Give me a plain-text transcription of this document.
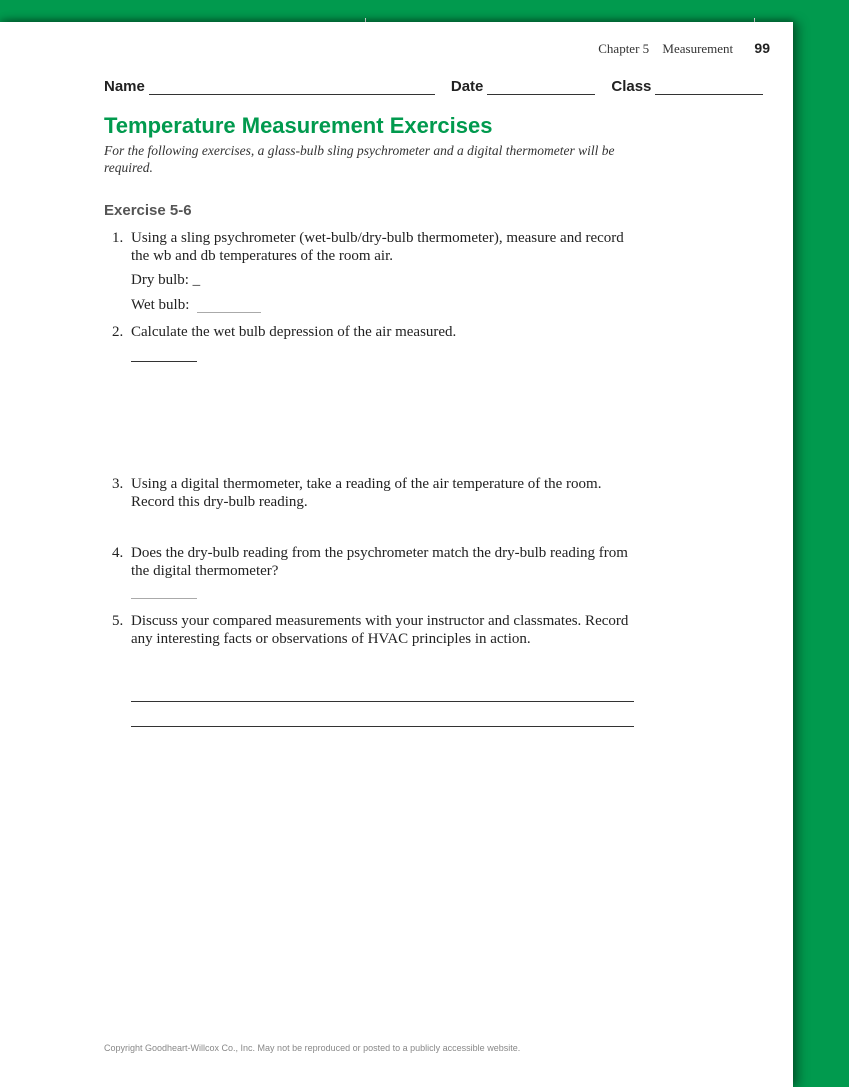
Chapter 5 Measurement 99
Name	Date	Class
Temperature Measurement Exercises

For the following exercises, a glass-bulb sling psychrometer and a digital thermometer will be required.

Exercise 5-6
1. Using a sling psychrometer (wet-bulb/dry-bulb thermometer), measure and record the wb and db temperatures of the room air.
Dry bulb: _
Wet bulb:
2. Calculate the wet bulb depression of the air measured.
3. Using a digital thermometer, take a reading of the air temperature of the room. Record this dry-bulb reading.
4. Does the dry-bulb reading from the psychrometer match the dry-bulb reading from the digital thermometer?
5. Discuss your compared measurements with your instructor and classmates. Record any interesting facts or observations of HVAC principles in action.
Copyright Goodheart-Willcox Co., Inc. May not be reproduced or posted to a publicly accessible website.
